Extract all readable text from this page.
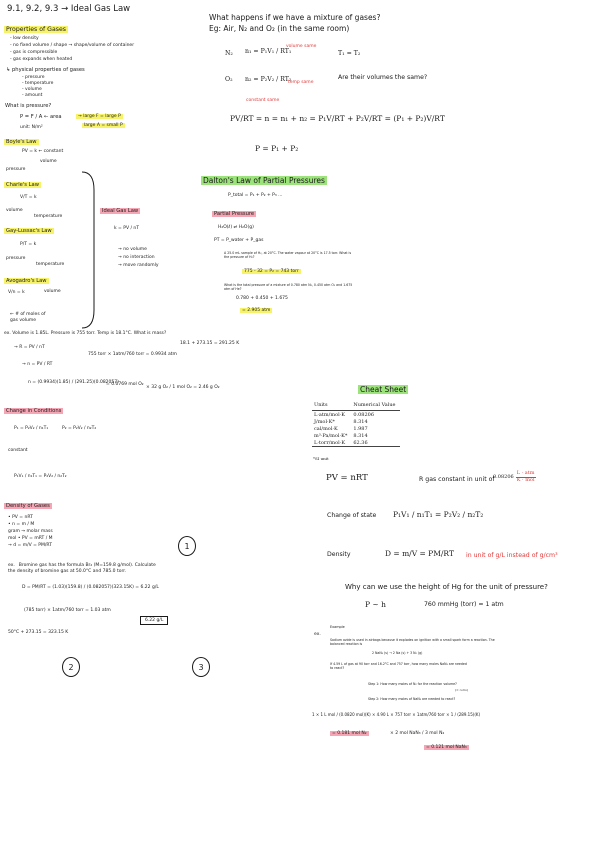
9.1, 9.2, 9.3 → Ideal Gas Law
Properties of Gases
- low density
- no fixed volume / shape → shape/volume of container
- gas is compressible
- gas expands when heated
↳ physical properties of gases
- pressure
- temperature
- volume
- amount
What is pressure?
P = F / A ← area
unit: N/m²
→ large F = large P
large A = small P
Boyle's Law
PV = k ← constant
volume
pressure
Charle's Law
V/T = k
volume
temperature
Gay-Lussac's Law
P/T = k
pressure
temperature
Avogadro's Law
V/n = k	volume
← # of moles of
gas volume
Ideal Gas Law
k = PV / nT
→ no volume
→ no interaction
→ move randomly
ex. Volume is 1.85L. Pressure is 755 torr. Temp is 18.1°C. What is mass?
18.1 + 273.15 = 291.25 K
→ R = PV / nT
755 torr × 1atm/760 torr = 0.9934 atm
→ n = PV / RT
n = (0.9934)(1.85) / (291.25)(0.082057)
= 0.0769 mol O₂
× 32 g O₂ / 1 mol O₂ = 2.46 g O₂
Change in Conditions
P₁ = P₂V₂ / n₁T₁	P₂ = P₂V₂ / n₂T₂
constant
P₁V₁ / n₁T₁ = P₂V₂ / n₂T₂
Density of Gases
• PV = nRT
• n = m / M
gram → molar mass
mol • PV = mRT / M
→ d = m/V = PM/RT	1
ex. Bromine gas has the formula Br₂ (M=159.8 g/mol). Calculate the density of bromine gas at 50.0°C and 785.0 torr.
D = PM/RT = (1.03)(159.8) / (0.082057)(323.15K) = 6.22 g/L
(785 torr) × 1atm/760 torr = 1.03 atm
6.22 g/L
50°C + 273.15 = 323.15 K
2	3
What happens if we have a mixture of gases?
Eg: Air, N₂ and O₂ (in the same room)
N₂ n₁ = P₁V₁ / RT₁
volume same
O₂ n₂ = P₂V₂ / RT₂
temp same
constant same
T₁ = T₂
Are their volumes the same?
PV/RT = n = n₁ + n₂ = P₁V/RT + P₂V/RT = (P₁ + P₂)V/RT
P = P₁ + P₂
Dalton's Law of Partial Pressures
P_total = P₁ + P₂ + P₃ ...
Partial Pressure
H₂O(ℓ) ⇌ H₂O(g)
PT = P_water + P_gas
A 25.0 mL sample of H₂, at 20°C. The water vapour at 20°C is 17.5 torr. What is the pressure of H₂?
775 - 32 = P₂ = 743 torr
What is the total pressure of a mixture of 0.780 atm N₂, 0.450 atm O₂ and 1.675 atm of He?
0.780 + 0.450 + 1.675
= 2.905 atm
Cheat Sheet
Units	Numerical Value
L·atm/mol·K	0.08206
J/mol·K*	8.314
cal/mol·K	1.987
m³·Pa/mol·K*	8.314
L·torr/mol·K	62.36
*SI unit
PV = nRT	R gas constant in unit of
$0.08206 \frac{\text{L · atm}}{\text{K · mol}}$
Change of state P₁V₁ / n₁T₁ = P₂V₂ / n₂T₂
Density	D = m/V = PM/RT in unit of g/L instead of g/cm³
Why can we use the height of Hg for the unit of pressure?
P ~ h	760 mmHg (torr) = 1 atm
Example
ex.
Sodium azide is used in airbags because it explodes on ignition with a small spark form a reaction. The balanced reaction is
2 NaN₃ (s) → 2 Na (s) + 3 N₂ (g)
If 4.59 L of gas at 90 torr and 16.2°C and 757 torr, how many moles NaN₃ are needed to react?
Step 1: How many moles of N₂ for the reaction volume?
(= n₁m₁)
Step 2: How many moles of NaN₃ are needed to react?
1 × 1 L mol / (0.0820 mol)(K) × 4.90 L × 757 torr × 1atm/760 torr × 1 / (289.15)(K)
= 0.181 mol N₂	× 2 mol NaN₃ / 3 mol N₂
= 0.121 mol NaN₃
